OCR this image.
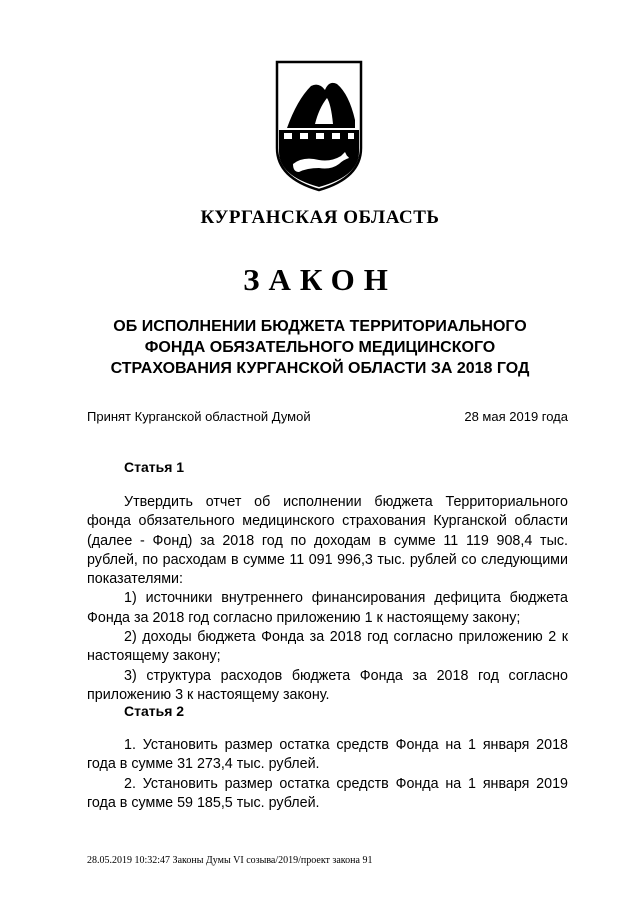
КУРГАНСКАЯ ОБЛАСТЬ
ЗАКОН
ОБ ИСПОЛНЕНИИ БЮДЖЕТА ТЕРРИТОРИАЛЬНОГО
ФОНДА ОБЯЗАТЕЛЬНОГО МЕДИЦИНСКОГО
СТРАХОВАНИЯ КУРГАНСКОЙ ОБЛАСТИ ЗА 2018 ГОД
Принят Курганской областной Думой	28 мая 2019 года
Статья 1

Утвердить отчет об исполнении бюджета Территориального фонда обязательного медицинского страхования Курганской области (далее - Фонд) за 2018 год по доходам в сумме 11 119 908,4 тыс. рублей, по расходам в сумме 11 091 996,3 тыс. рублей со следующими показателями:

1) источники внутреннего финансирования дефицита бюджета Фонда за 2018 год согласно приложению 1 к настоящему закону;

2) доходы бюджета Фонда за 2018 год согласно приложению 2 к настоящему закону;

3) структура расходов бюджета Фонда за 2018 год согласно приложению 3 к настоящему закону.

Статья 2

1. Установить размер остатка средств Фонда на 1 января 2018 года в сумме 31 273,4 тыс. рублей.

2. Установить размер остатка средств Фонда на 1 января 2019 года в сумме 59 185,5 тыс. рублей.

28.05.2019 10:32:47 Законы Думы VI созыва/2019/проект закона 91
